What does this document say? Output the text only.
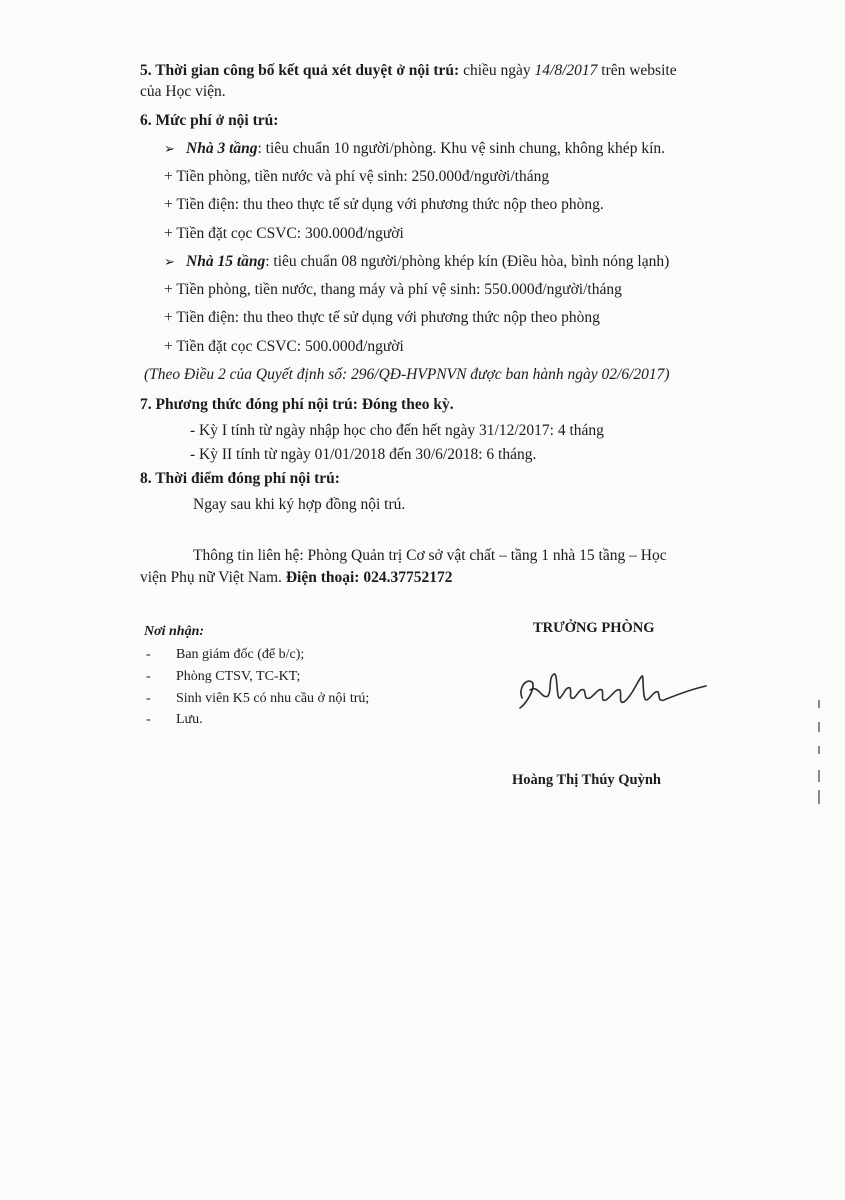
5. Thời gian công bố kết quả xét duyệt ở nội trú: chiều ngày 14/8/2017 trên website
của Học viện.
6. Mức phí ở nội trú:
➢ Nhà 3 tầng: tiêu chuẩn 10 người/phòng. Khu vệ sinh chung, không khép kín.
+ Tiền phòng, tiền nước và phí vệ sinh: 250.000đ/người/tháng
+ Tiền điện: thu theo thực tế sử dụng với phương thức nộp theo phòng.
+ Tiền đặt cọc CSVC: 300.000đ/người
➢ Nhà 15 tầng: tiêu chuẩn 08 người/phòng khép kín (Điều hòa, bình nóng lạnh)
+ Tiền phòng, tiền nước, thang máy và phí vệ sinh: 550.000đ/người/tháng
+ Tiền điện: thu theo thực tế sử dụng với phương thức nộp theo phòng
+ Tiền đặt cọc CSVC: 500.000đ/người
(Theo Điều 2 của Quyết định số: 296/QĐ-HVPNVN được ban hành ngày 02/6/2017)
7. Phương thức đóng phí nội trú: Đóng theo kỳ.
- Kỳ I tính từ ngày nhập học cho đến hết ngày 31/12/2017: 4 tháng
- Kỳ II tính từ ngày 01/01/2018 đến 30/6/2018: 6 tháng.
8. Thời điểm đóng phí nội trú:
Ngay sau khi ký hợp đồng nội trú.
Thông tin liên hệ: Phòng Quản trị Cơ sở vật chất – tầng 1 nhà 15 tầng – Học
viện Phụ nữ Việt Nam. Điện thoại: 024.37752172
Nơi nhận:
- Ban giám đốc (để b/c);
- Phòng CTSV, TC-KT;
- Sinh viên K5 có nhu cầu ở nội trú;
- Lưu.
TRƯỞNG PHÒNG
Hoàng Thị Thúy Quỳnh
